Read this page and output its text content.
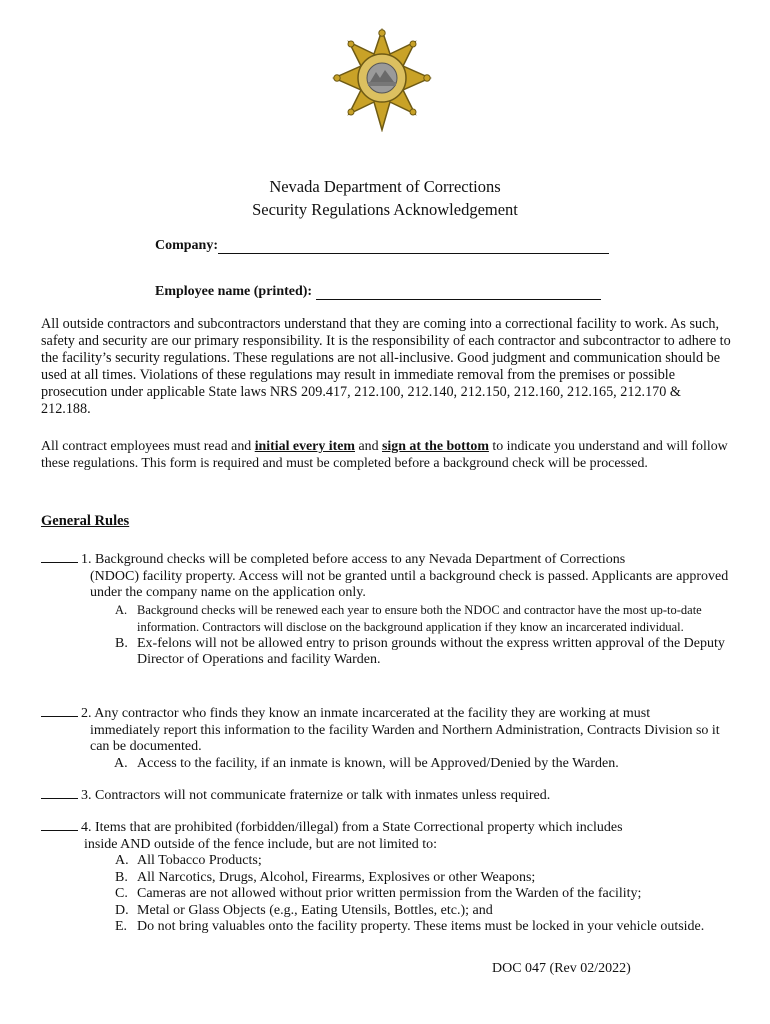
Nevada Department of Corrections
Security Regulations Acknowledgement
Company:
Employee name (printed):
All outside contractors and subcontractors understand that they are coming into a correctional facility to work. As such, safety and security are our primary responsibility. It is the responsibility of each contractor and subcontractor to adhere to the facility’s security regulations. These regulations are not all-inclusive. Good judgment and communication should be used at all times. Violations of these regulations may result in immediate removal from the premises or possible prosecution under applicable State laws NRS 209.417, 212.100, 212.140, 212.150, 212.160, 212.165, 212.170 & 212.188.
All contract employees must read and initial every item and sign at the bottom to indicate you understand and will follow these regulations. This form is required and must be completed before a background check will be processed.
General Rules
1. Background checks will be completed before access to any Nevada Department of Corrections
(NDOC) facility property. Access will not be granted until a background check is passed. Applicants are approved under the company name on the application only.
A. Background checks will be renewed each year to ensure both the NDOC and contractor have the most up-to-date information. Contractors will disclose on the background application if they know an incarcerated individual.
B. Ex-felons will not be allowed entry to prison grounds without the express written approval of the Deputy Director of Operations and facility Warden.
2. Any contractor who finds they know an inmate incarcerated at the facility they are working at must
immediately report this information to the facility Warden and Northern Administration, Contracts Division so it can be documented.
A. Access to the facility, if an inmate is known, will be Approved/Denied by the Warden.
3. Contractors will not communicate fraternize or talk with inmates unless required.
4. Items that are prohibited (forbidden/illegal) from a State Correctional property which includes
inside AND outside of the fence include, but are not limited to:
A. All Tobacco Products;
B. All Narcotics, Drugs, Alcohol, Firearms, Explosives or other Weapons;
C. Cameras are not allowed without prior written permission from the Warden of the facility;
D. Metal or Glass Objects (e.g., Eating Utensils, Bottles, etc.); and
E. Do not bring valuables onto the facility property. These items must be locked in your vehicle outside.
DOC 047 (Rev 02/2022)
